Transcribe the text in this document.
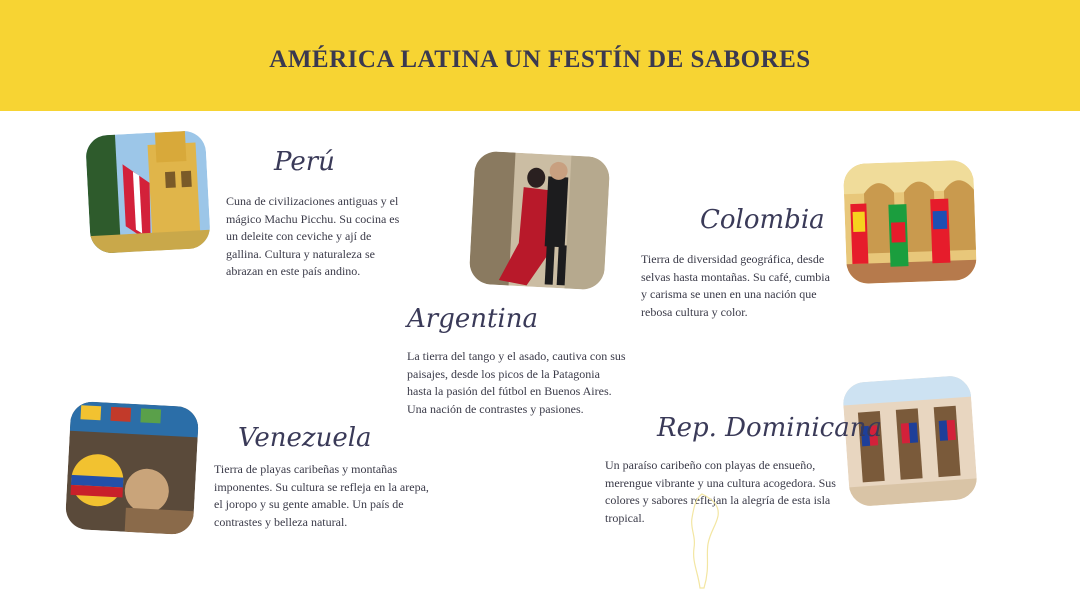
AMÉRICA LATINA UN FESTÍN DE SABORES
Perú
Cuna de civilizaciones antiguas y el mágico Machu Picchu. Su cocina es un deleite con ceviche y ají de gallina. Cultura y naturaleza se abrazan en este país andino.
Argentina
La tierra del tango y el asado, cautiva con sus paisajes, desde los picos de la Patagonia hasta la pasión del fútbol en Buenos Aires. Una nación de contrastes y pasiones.
Colombia
Tierra de diversidad geográfica, desde selvas hasta montañas. Su café, cumbia y carisma se unen en una nación que rebosa cultura y color.
Venezuela
Tierra de playas caribeñas y montañas imponentes. Su cultura se refleja en la arepa, el joropo y su gente amable. Un país de contrastes y belleza natural.
Rep. Dominicana
Un paraíso caribeño con playas de ensueño, merengue vibrante y una cultura acogedora. Sus colores y sabores reflejan la alegría de esta isla tropical.
